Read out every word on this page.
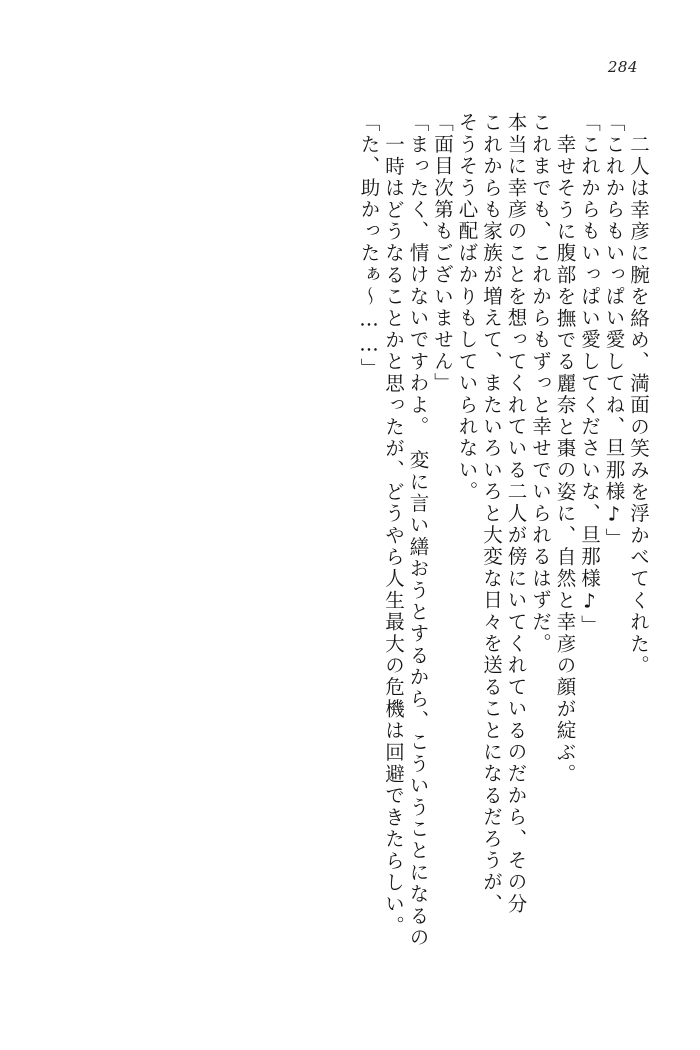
284
「た、助かったぁ～……」 一時はどうなることかと思ったが、どうやら人生最大の危機は回避できたらしい。 「まったく、情けないですわよ。　変に言い繕おうとするから、こういうことになるの 「面目次第もございません」 そうそう心配ばかりもしていられない。 これからも家族が増えて、またいろいろと大変な日々を送ることになるだろうが、 本当に幸彦のことを想ってくれている二人が傍にいてくれているのだから、その分 これまでも、これからもずっと幸せでいられるはずだ。 幸せそうに腹部を撫でる麗奈と棗の姿に、自然と幸彦の顔が綻ぶ。 「これからもいっぱい愛してくださいな、旦那様♪」 「これからもいっぱい愛してね、旦那様♪」 二人は幸彦に腕を絡め、満面の笑みを浮かべてくれた。
